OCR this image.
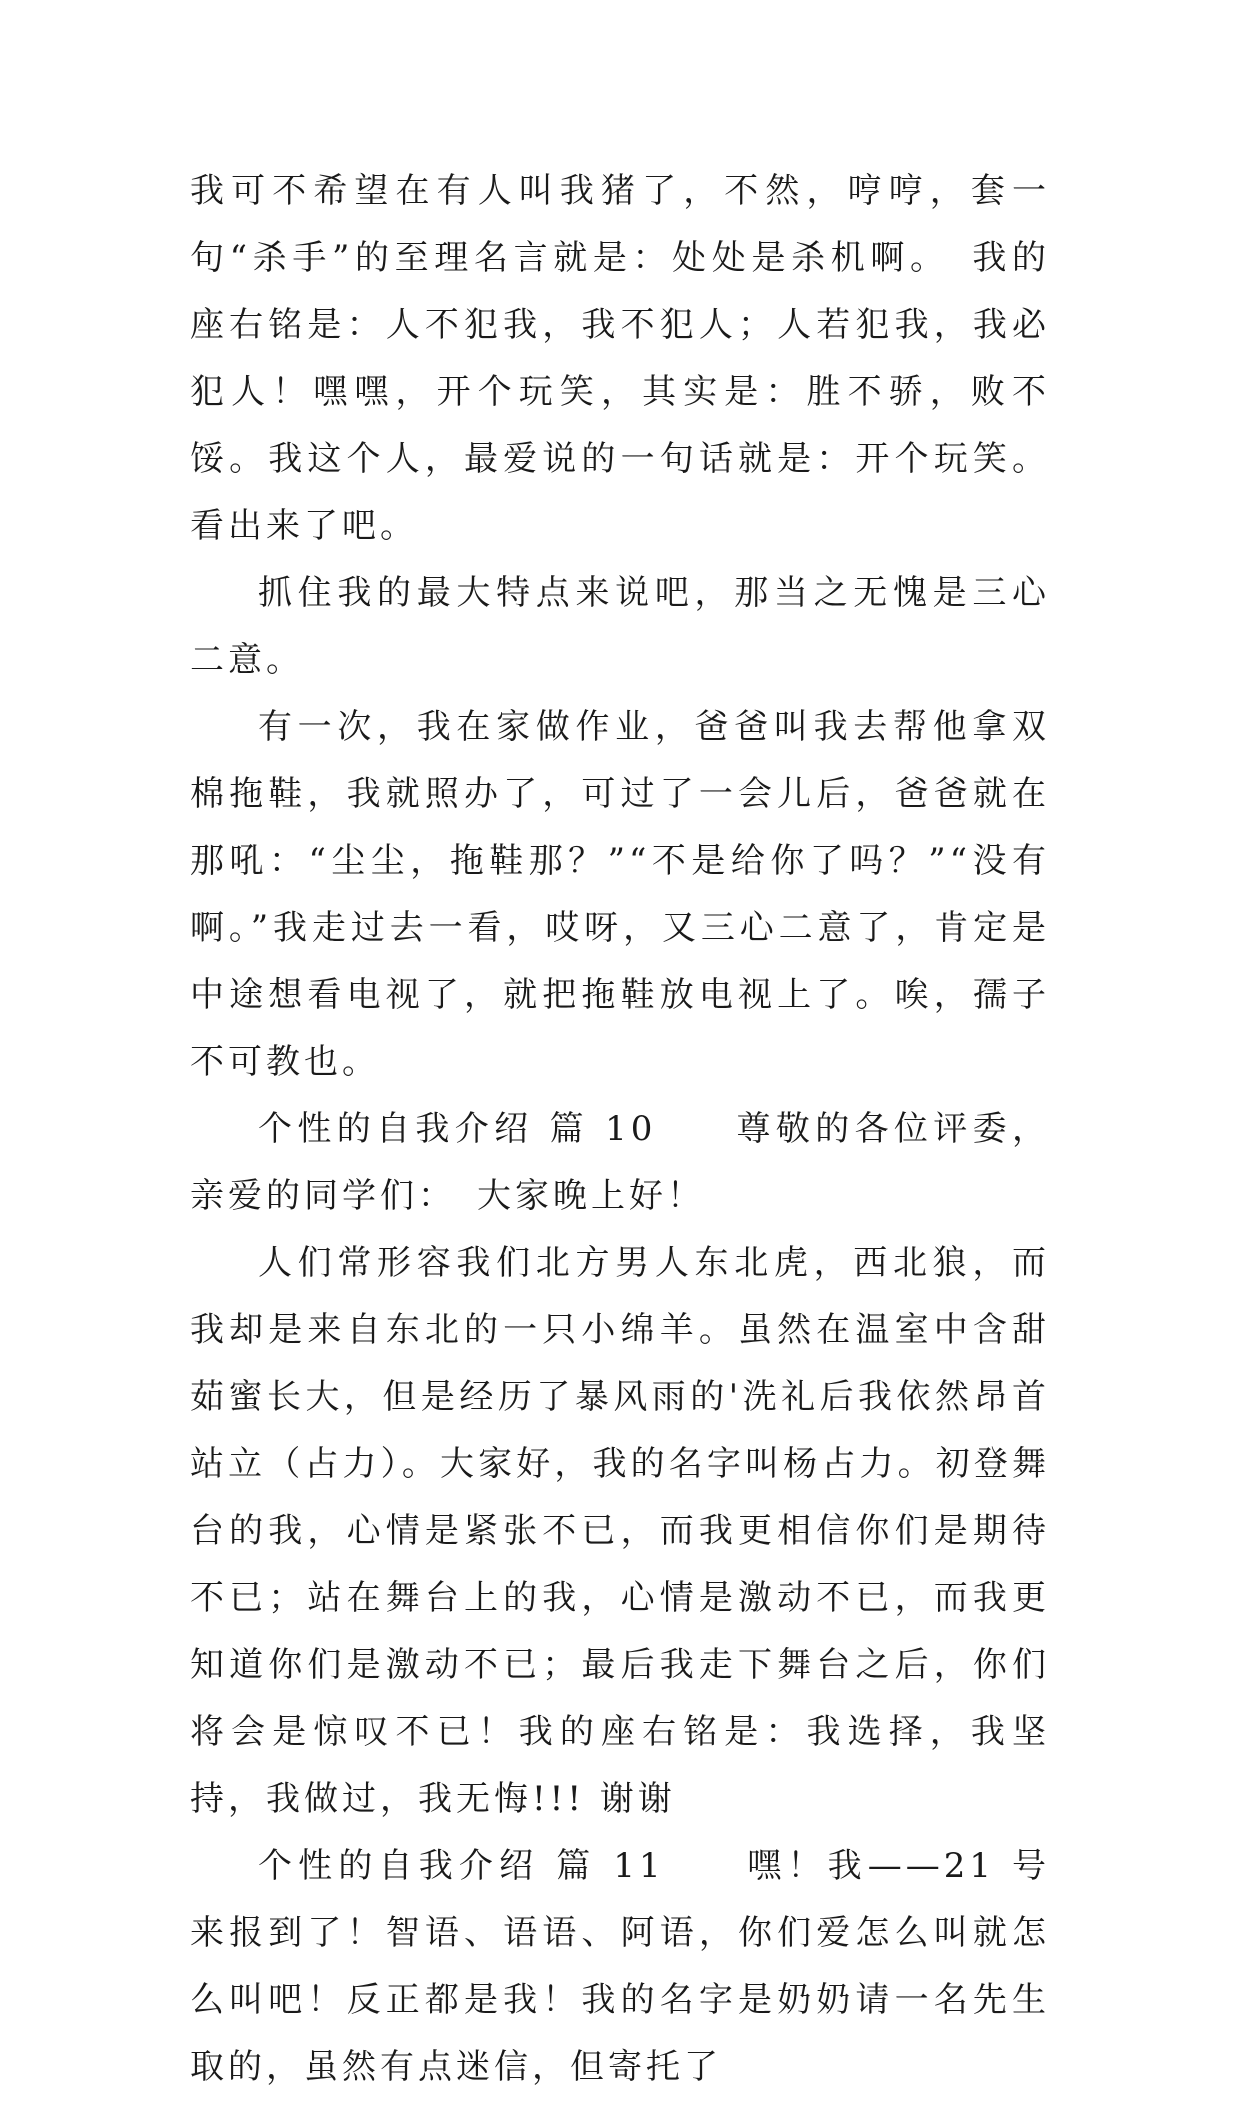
我可不希望在有人叫我猪了，不然，哼哼，套一句“杀手”的至理名言就是：处处是杀机啊。　我的座右铭是：人不犯我，我不犯人；人若犯我，我必犯人！嘿嘿，开个玩笑，其实是：胜不骄，败不馁。我这个人，最爱说的一句话就是：开个玩笑。看出来了吧。

抓住我的最大特点来说吧，那当之无愧是三心二意。

有一次，我在家做作业，爸爸叫我去帮他拿双棉拖鞋，我就照办了，可过了一会儿后，爸爸就在那吼：“尘尘，拖鞋那？”“不是给你了吗？”“没有啊。”我走过去一看，哎呀，又三心二意了，肯定是中途想看电视了，就把拖鞋放电视上了。唉，孺子不可教也。

个性的自我介绍 篇 10　　尊敬的各位评委，亲爱的同学们：　大家晚上好！

人们常形容我们北方男人东北虎，西北狼，而我却是来自东北的一只小绵羊。虽然在温室中含甜茹蜜长大，但是经历了暴风雨的'洗礼后我依然昂首站立（占力）。大家好，我的名字叫杨占力。初登舞台的我，心情是紧张不已，而我更相信你们是期待不已；站在舞台上的我，心情是激动不已，而我更知道你们是激动不已；最后我走下舞台之后，你们将会是惊叹不已！我的座右铭是：我选择，我坚持，我做过，我无悔!!! 谢谢

个性的自我介绍 篇 11　　嘿！我——21 号来报到了！智语、语语、阿语，你们爱怎么叫就怎么叫吧！反正都是我！我的名字是奶奶请一名先生取的，虽然有点迷信，但寄托了
